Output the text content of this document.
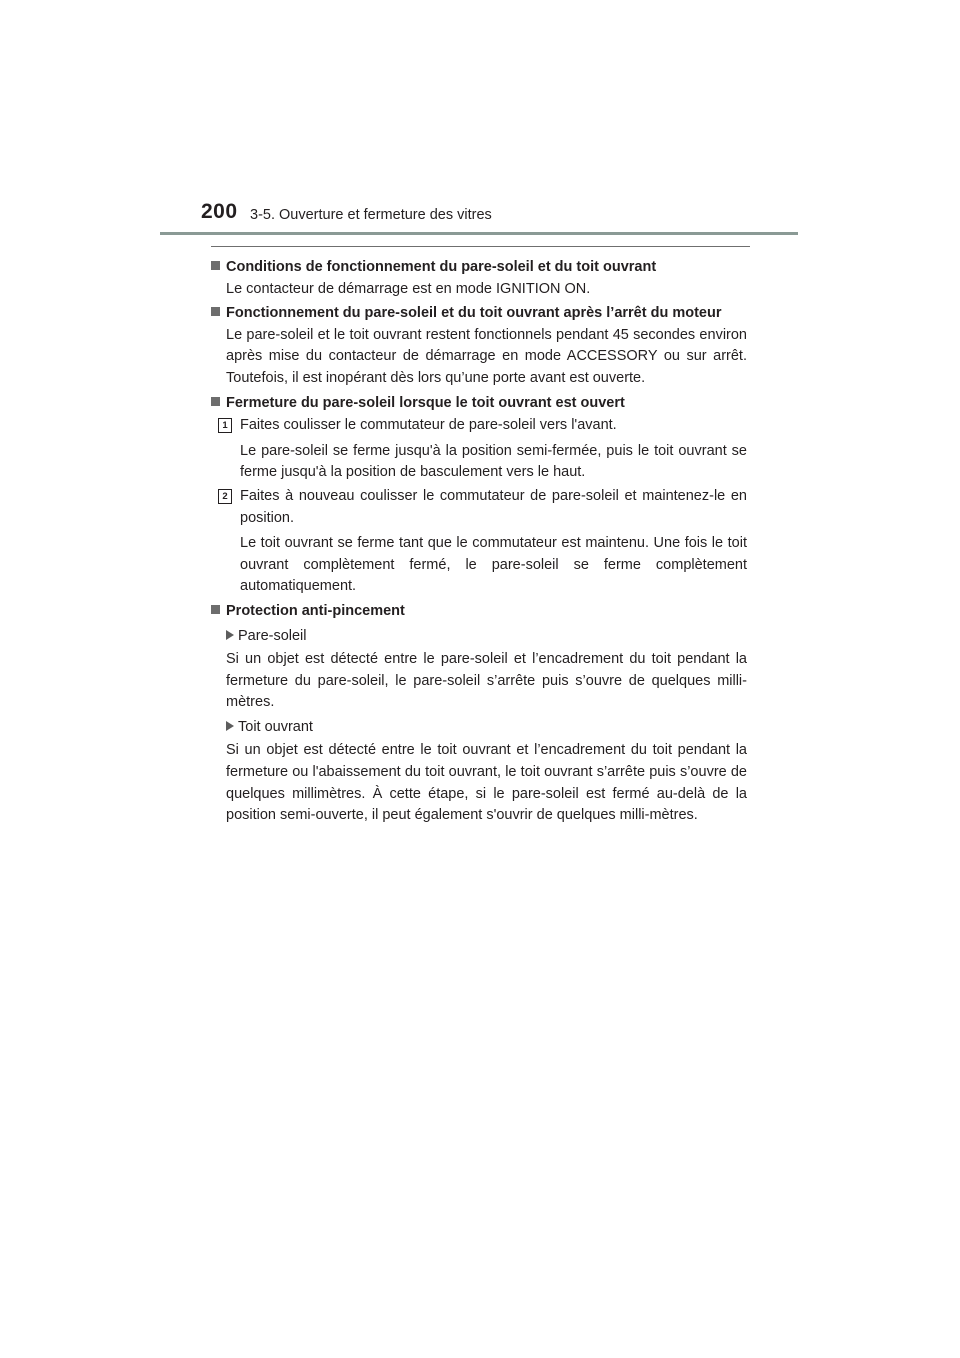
200 3-5. Ouverture et fermeture des vitres
Conditions de fonctionnement du pare-soleil et du toit ouvrant
Le contacteur de démarrage est en mode IGNITION ON.
Fonctionnement du pare-soleil et du toit ouvrant après l’arrêt du moteur
Le pare-soleil et le toit ouvrant restent fonctionnels pendant 45 secondes environ après mise du contacteur de démarrage en mode ACCESSORY ou sur arrêt. Toutefois, il est inopérant dès lors qu’une porte avant est ouverte.
Fermeture du pare-soleil lorsque le toit ouvrant est ouvert
1 Faites coulisser le commutateur de pare-soleil vers l'avant.
Le pare-soleil se ferme jusqu'à la position semi-fermée, puis le toit ouvrant se ferme jusqu'à la position de basculement vers le haut.
2 Faites à nouveau coulisser le commutateur de pare-soleil et maintenez-le en position.
Le toit ouvrant se ferme tant que le commutateur est maintenu. Une fois le toit ouvrant complètement fermé, le pare-soleil se ferme complètement automatiquement.
Protection anti-pincement
Pare-soleil
Si un objet est détecté entre le pare-soleil et l’encadrement du toit pendant la fermeture du pare-soleil, le pare-soleil s’arrête puis s’ouvre de quelques milli-mètres.
Toit ouvrant
Si un objet est détecté entre le toit ouvrant et l’encadrement du toit pendant la fermeture ou l'abaissement du toit ouvrant, le toit ouvrant s’arrête puis s’ouvre de quelques millimètres. À cette étape, si le pare-soleil est fermé au-delà de la position semi-ouverte, il peut également s'ouvrir de quelques milli-mètres.
